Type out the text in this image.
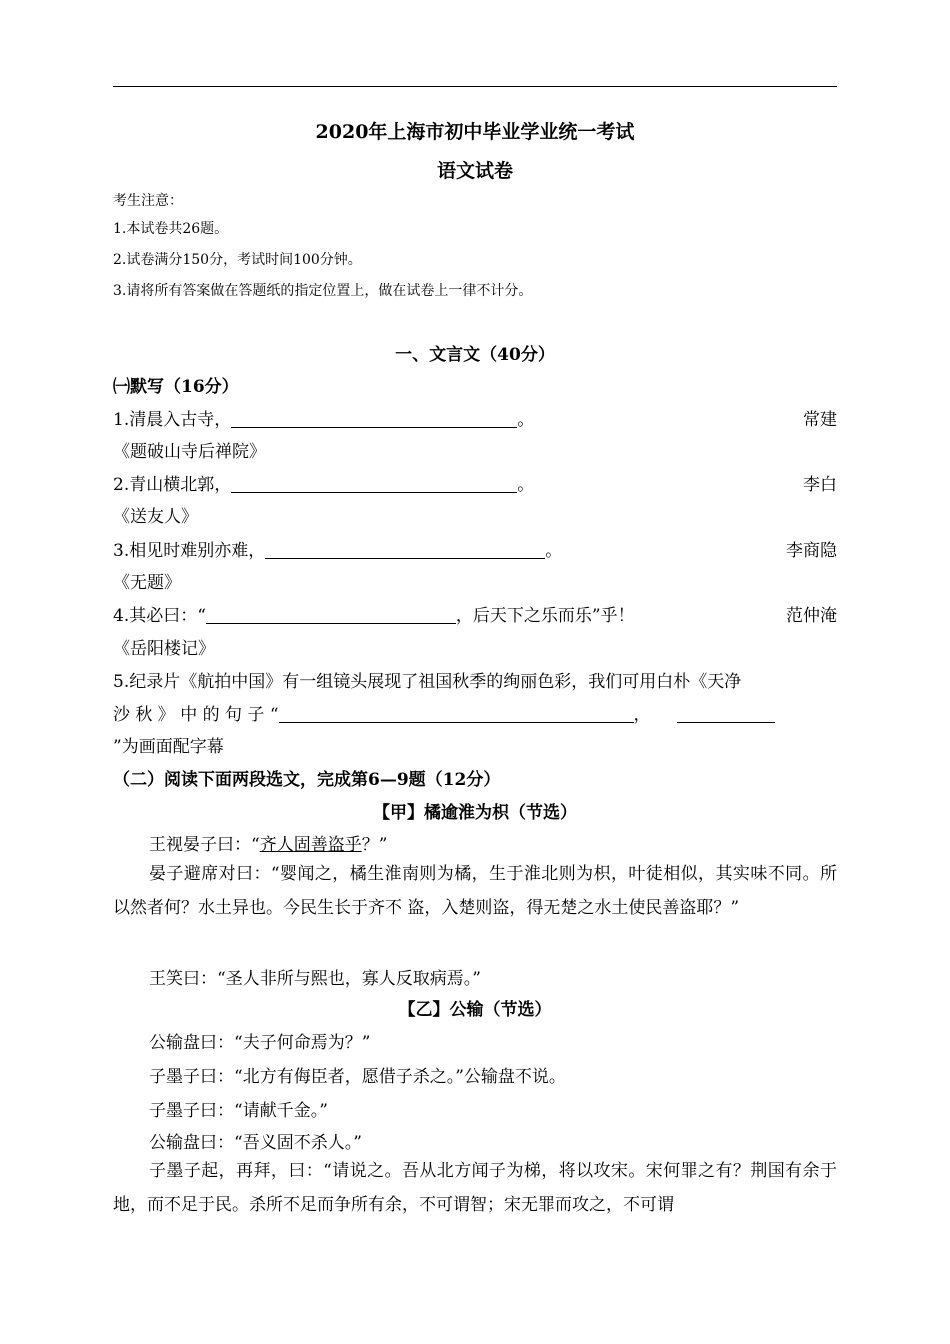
2020年上海市初中毕业学业统一考试
语文试卷
考生注意：
1.本试卷共26题。
2.试卷满分150分，考试时间100分钟。
3.请将所有答案做在答题纸的指定位置上，做在试卷上一律不计分。
一、文言文（40分）
㈠默写（16分）
1.清晨入古寺，	。	常建
《题破山寺后禅院》
2.青山横北郭，	。	李白
《送友人》
3.相见时难别亦难，	。	李商隐
《无题》
4.其必曰：“	，后天下之乐而乐”乎！	范仲淹
《岳阳楼记》
5.纪录片《航拍中国》有一组镜头展现了祖国秋季的绚丽色彩，我们可用白朴《天净
沙 秋 》 中 的 句 子 “	，
”为画面配字幕
（二）阅读下面两段选文，完成第6—9题（12分）
【甲】橘逾淮为枳（节选）
王视晏子曰：“齐人固善盗乎？”
晏子避席对曰：“婴闻之，橘生淮南则为橘，生于淮北则为枳，叶徒相似，其实味不同。所以然者何？水土异也。今民生长于齐不 盗，入楚则盗，得无楚之水土使民善盗耶？”
王笑曰：“圣人非所与熙也，寡人反取病焉。”
【乙】公输（节选）
公输盘曰：“夫子何命焉为？”
子墨子曰：“北方有侮臣者，愿借子杀之。”公输盘不说。
子墨子曰：“请献千金。”
公输盘曰：“吾义固不杀人。”
子墨子起，再拜，曰：“请说之。吾从北方闻子为梯，将以攻宋。宋何罪之有？荆国有余于地，而不足于民。杀所不足而争所有余，不可谓智；宋无罪而攻之，不可谓
